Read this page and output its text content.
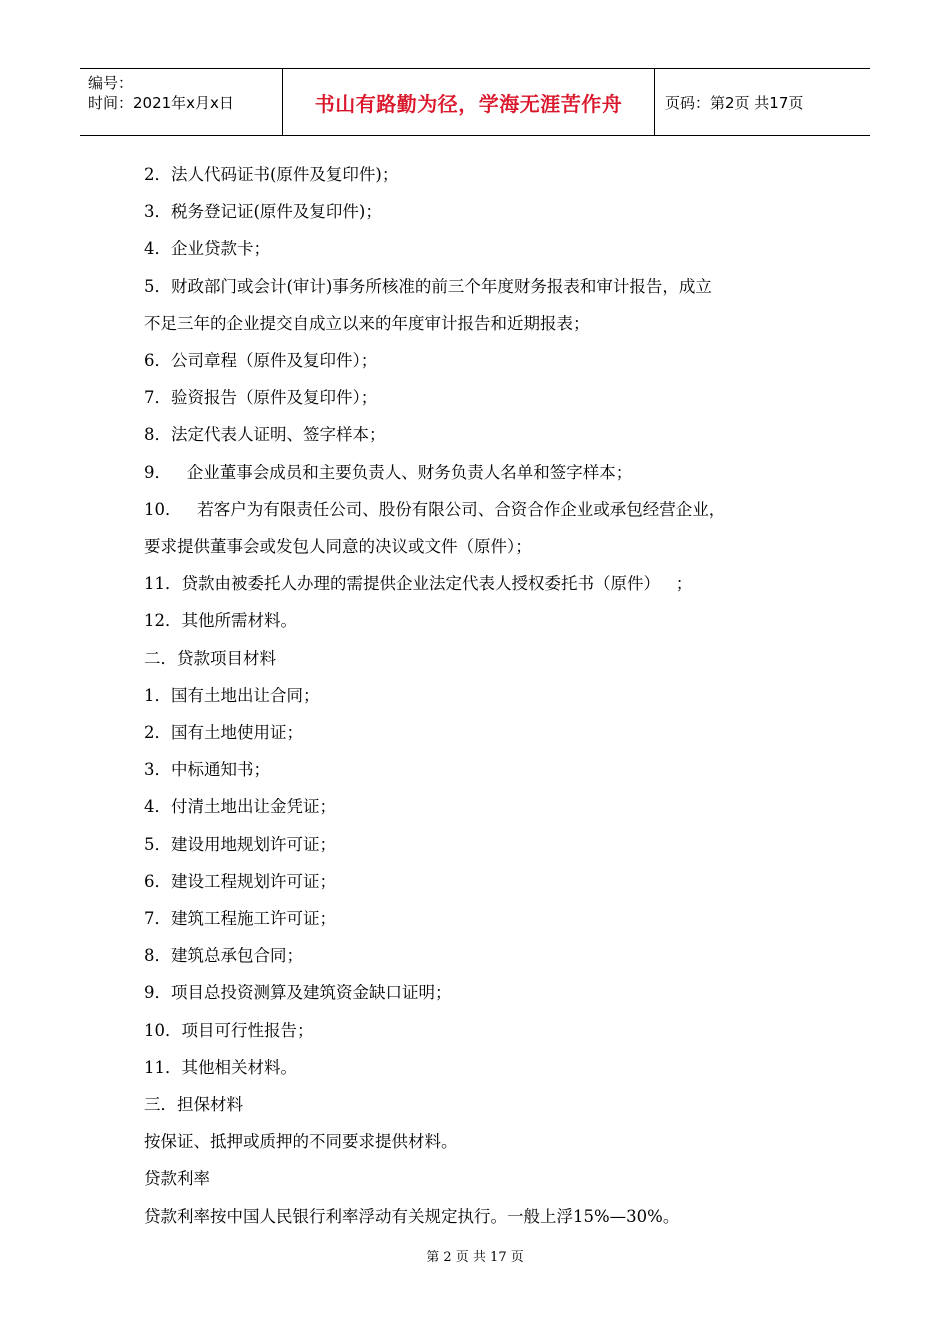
编号：
时间：2021年x月x日	书山有路勤为径，学海无涯苦作舟	页码：第2页 共17页

2．法人代码证书(原件及复印件)；

3．税务登记证(原件及复印件)；

4．企业贷款卡；

5．财政部门或会计(审计)事务所核准的前三个年度财务报表和审计报告，成立

不足三年的企业提交自成立以来的年度审计报告和近期报表；

6．公司章程（原件及复印件）；

7．验资报告（原件及复印件）；

8．法定代表人证明、签字样本；

9．   企业董事会成员和主要负责人、财务负责人名单和签字样本；

10．   若客户为有限责任公司、股份有限公司、合资合作企业或承包经营企业，

要求提供董事会或发包人同意的决议或文件（原件）；

11．贷款由被委托人办理的需提供企业法定代表人授权委托书（原件）   ；

12．其他所需材料。

二．贷款项目材料

1．国有土地出让合同；

2．国有土地使用证；

3．中标通知书；

4．付清土地出让金凭证；

5．建设用地规划许可证；

6．建设工程规划许可证；

7．建筑工程施工许可证；

8．建筑总承包合同；

9．项目总投资测算及建筑资金缺口证明；

10．项目可行性报告；

11．其他相关材料。

三．担保材料

按保证、抵押或质押的不同要求提供材料。

贷款利率

贷款利率按中国人民银行利率浮动有关规定执行。一般上浮15%—30%。

第 2 页 共 17 页
